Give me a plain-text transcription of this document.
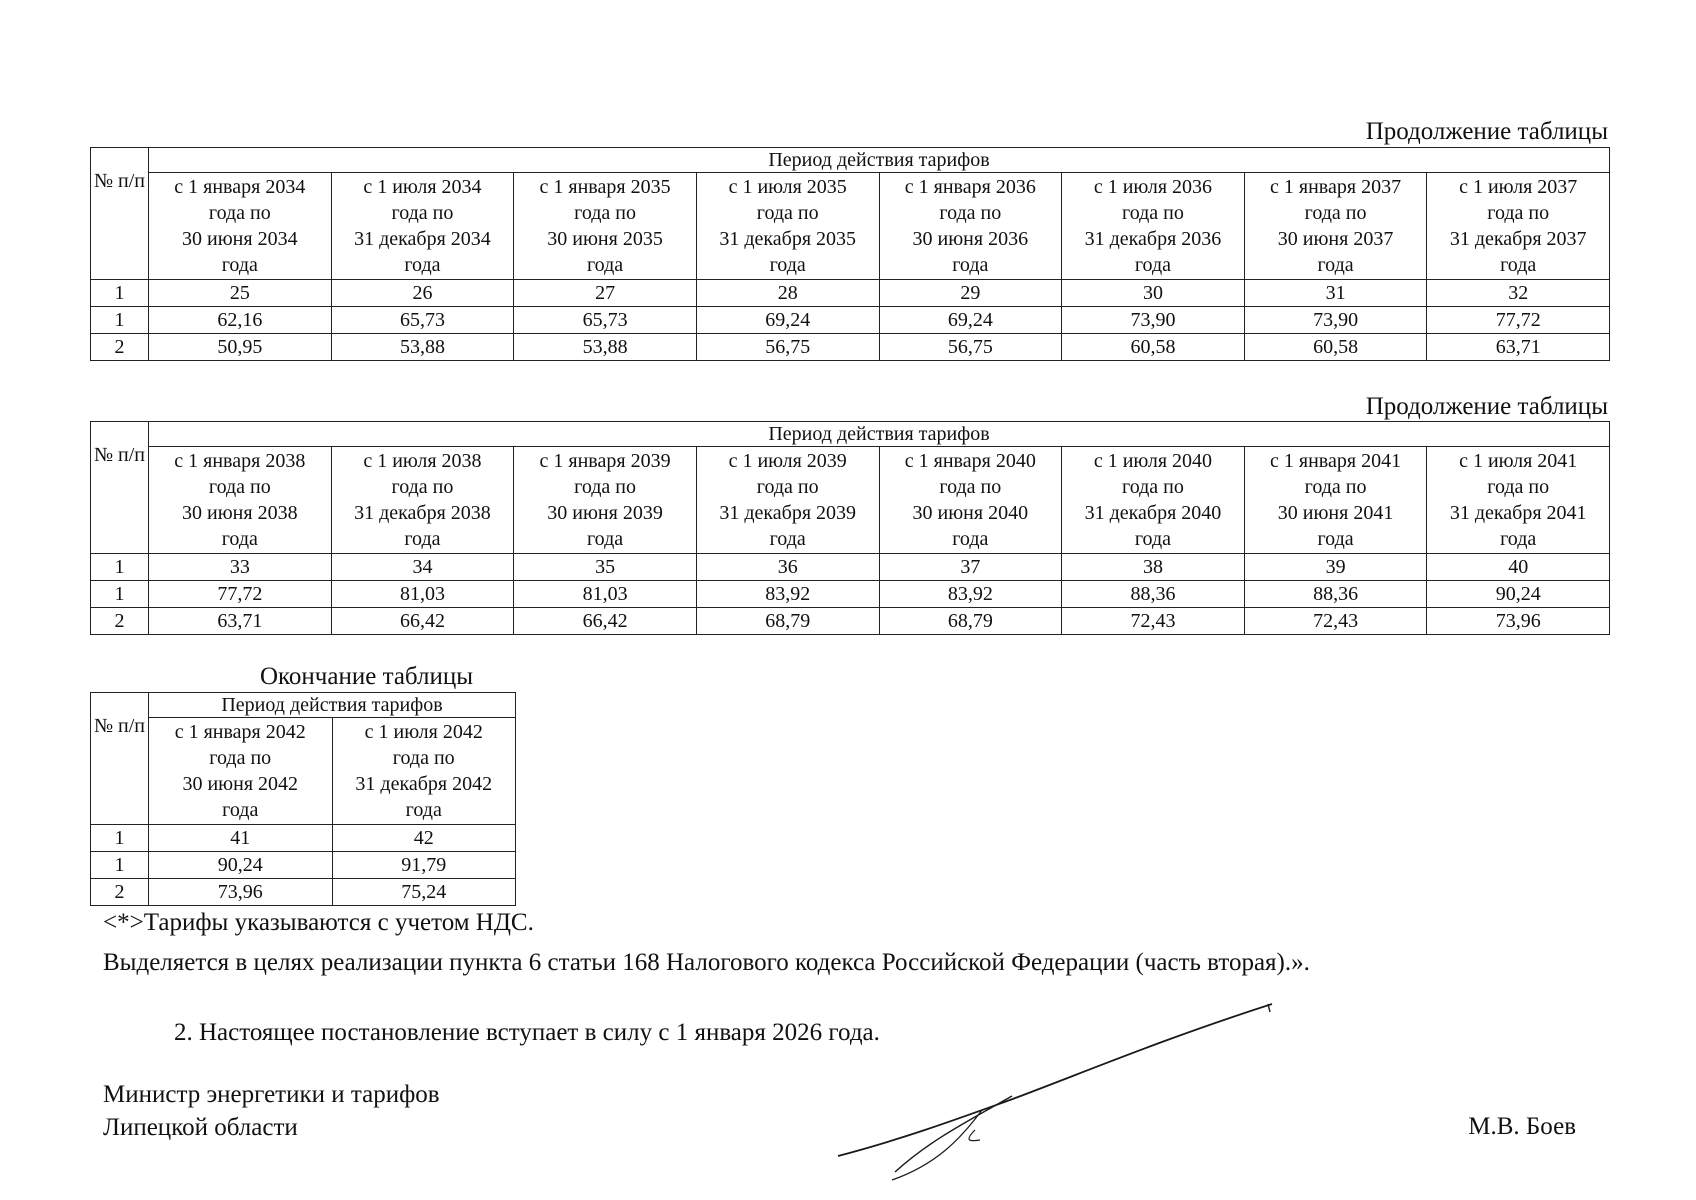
Продолжение таблицы
№ п/п	Период действия тарифов							

	с 1 января 2034
года по
30 июня 2034
года	с 1 июля 2034
года по
31 декабря 2034
года	с 1 января 2035
года по
30 июня 2035
года	с 1 июля 2035
года по
31 декабря 2035
года	с 1 января 2036
года по
30 июня 2036
года	с 1 июля 2036
года по
31 декабря 2036
года	с 1 января 2037
года по
30 июня 2037
года	с 1 июля 2037
года по
31 декабря 2037
года

1	25	26	27	28	29	30	31	32
1	62,16	65,73	65,73	69,24	69,24	73,90	73,90	77,72
2	50,95	53,88	53,88	56,75	56,75	60,58	60,58	63,71
Продолжение таблицы
№ п/п	Период действия тарифов							

	с 1 января 2038
года по
30 июня 2038
года	с 1 июля 2038
года по
31 декабря 2038
года	с 1 января 2039
года по
30 июня 2039
года	с 1 июля 2039
года по
31 декабря 2039
года	с 1 января 2040
года по
30 июня 2040
года	с 1 июля 2040
года по
31 декабря 2040
года	с 1 января 2041
года по
30 июня 2041
года	с 1 июля 2041
года по
31 декабря 2041
года

1	33	34	35	36	37	38	39	40
1	77,72	81,03	81,03	83,92	83,92	88,36	88,36	90,24
2	63,71	66,42	66,42	68,79	68,79	72,43	72,43	73,96
Окончание таблицы
№ п/п	Период действия тарифов	

	с 1 января 2042
года по
30 июня 2042
года	с 1 июля 2042
года по
31 декабря 2042
года

1	41	42
1	90,24	91,79
2	73,96	75,24
<*>Тарифы указываются с учетом НДС.
Выделяется в целях реализации пункта 6 статьи 168 Налогового кодекса Российской Федерации (часть вторая).».
2. Настоящее постановление вступает в силу с 1 января 2026 года.
Министр энергетики и тарифов
Липецкой области	М.В. Боев
